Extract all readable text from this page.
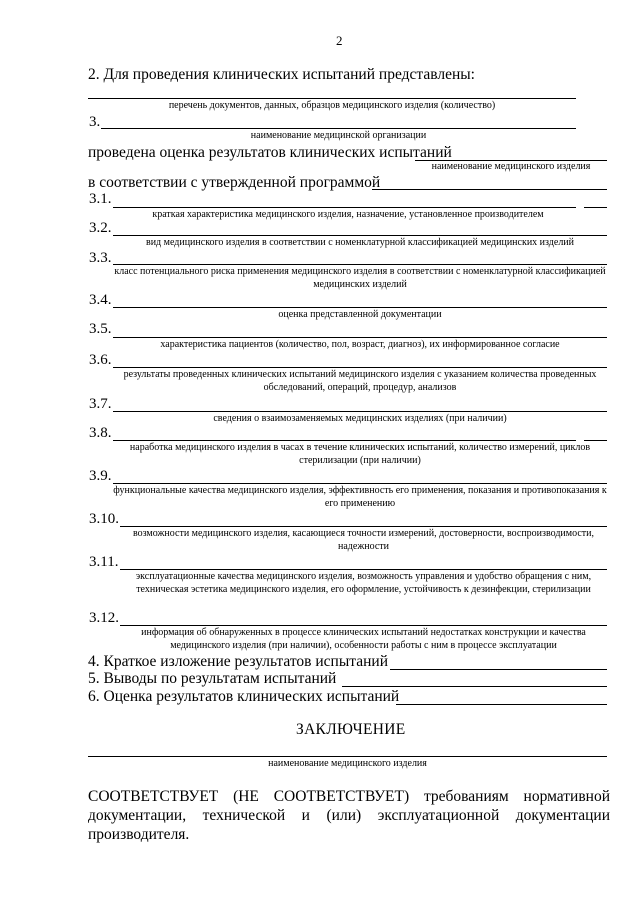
2
2. Для проведения клинических испытаний представлены:
перечень документов, данных, образцов медицинского изделия (количество)
3.
наименование медицинской организации
проведена оценка результатов клинических испытаний
наименование медицинского изделия
в соответствии с утвержденной программой
3.1.
краткая характеристика медицинского изделия, назначение, установленное производителем
3.2.
вид медицинского изделия в соответствии с номенклатурной классификацией медицинских изделий
3.3.
класс потенциального риска применения медицинского изделия в соответствии с номенклатурной классификацией медицинских изделий
3.4.
оценка представленной документации
3.5.
характеристика пациентов (количество, пол, возраст, диагноз), их информированное согласие
3.6.
результаты проведенных клинических испытаний медицинского изделия с указанием количества проведенных обследований, операций, процедур, анализов
3.7.
сведения о взаимозаменяемых медицинских изделиях (при наличии)
3.8.
наработка медицинского изделия в часах в течение клинических испытаний, количество измерений, циклов стерилизации (при наличии)
3.9.
функциональные качества медицинского изделия, эффективность его применения, показания и противопоказания к его применению
3.10.
возможности медицинского изделия, касающиеся точности измерений, достоверности, воспроизводимости, надежности
3.11.
эксплуатационные качества медицинского изделия, возможность управления и удобство обращения с ним, техническая эстетика медицинского изделия, его оформление, устойчивость к дезинфекции, стерилизации
3.12.
информация об обнаруженных в процессе клинических испытаний недостатках конструкции и качества медицинского изделия (при наличии), особенности работы с ним в процессе эксплуатации
4. Краткое изложение результатов испытаний
5. Выводы по результатам испытаний
6. Оценка результатов клинических испытаний
ЗАКЛЮЧЕНИЕ
наименование медицинского изделия
СООТВЕТСТВУЕТ (НЕ СООТВЕТСТВУЕТ) требованиям нормативной документации, технической и (или) эксплуатационной документации производителя.
